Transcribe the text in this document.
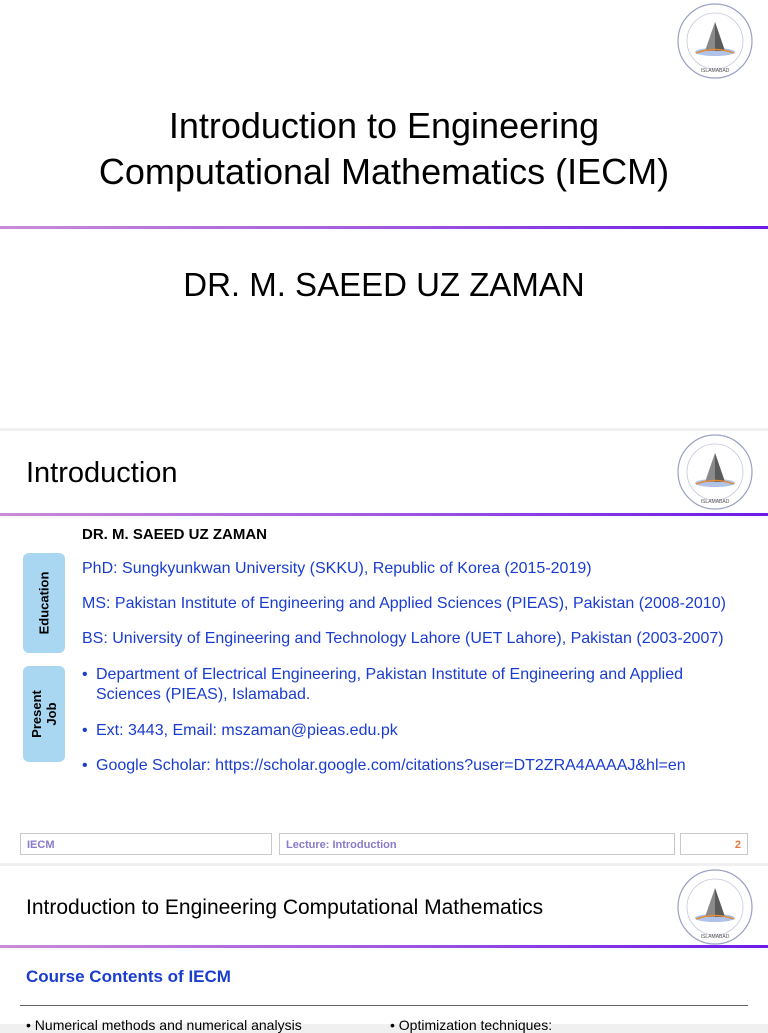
ISLAMABAD
Introduction to Engineering
Computational Mathematics (IECM)
DR. M. SAEED UZ ZAMAN
ISLAMABAD
Introduction
DR. M. SAEED UZ ZAMAN
Education
PhD: Sungkyunkwan University (SKKU), Republic of Korea (2015-2019)
MS: Pakistan Institute of Engineering and Applied Sciences (PIEAS), Pakistan (2008-2010)
BS: University of Engineering and Technology Lahore (UET Lahore), Pakistan (2003-2007)
Present Job
• Department of Electrical Engineering, Pakistan Institute of Engineering and Applied Sciences (PIEAS), Islamabad.
• Ext: 3443, Email: mszaman@pieas.edu.pk
• Google Scholar: https://scholar.google.com/citations?user=DT2ZRA4AAAAJ&hl=en
IECM	Lecture: Introduction	2
ISLAMABAD
Introduction to Engineering Computational Mathematics
Course Contents of IECM
• Numerical methods and numerical analysis	• Optimization techniques:
